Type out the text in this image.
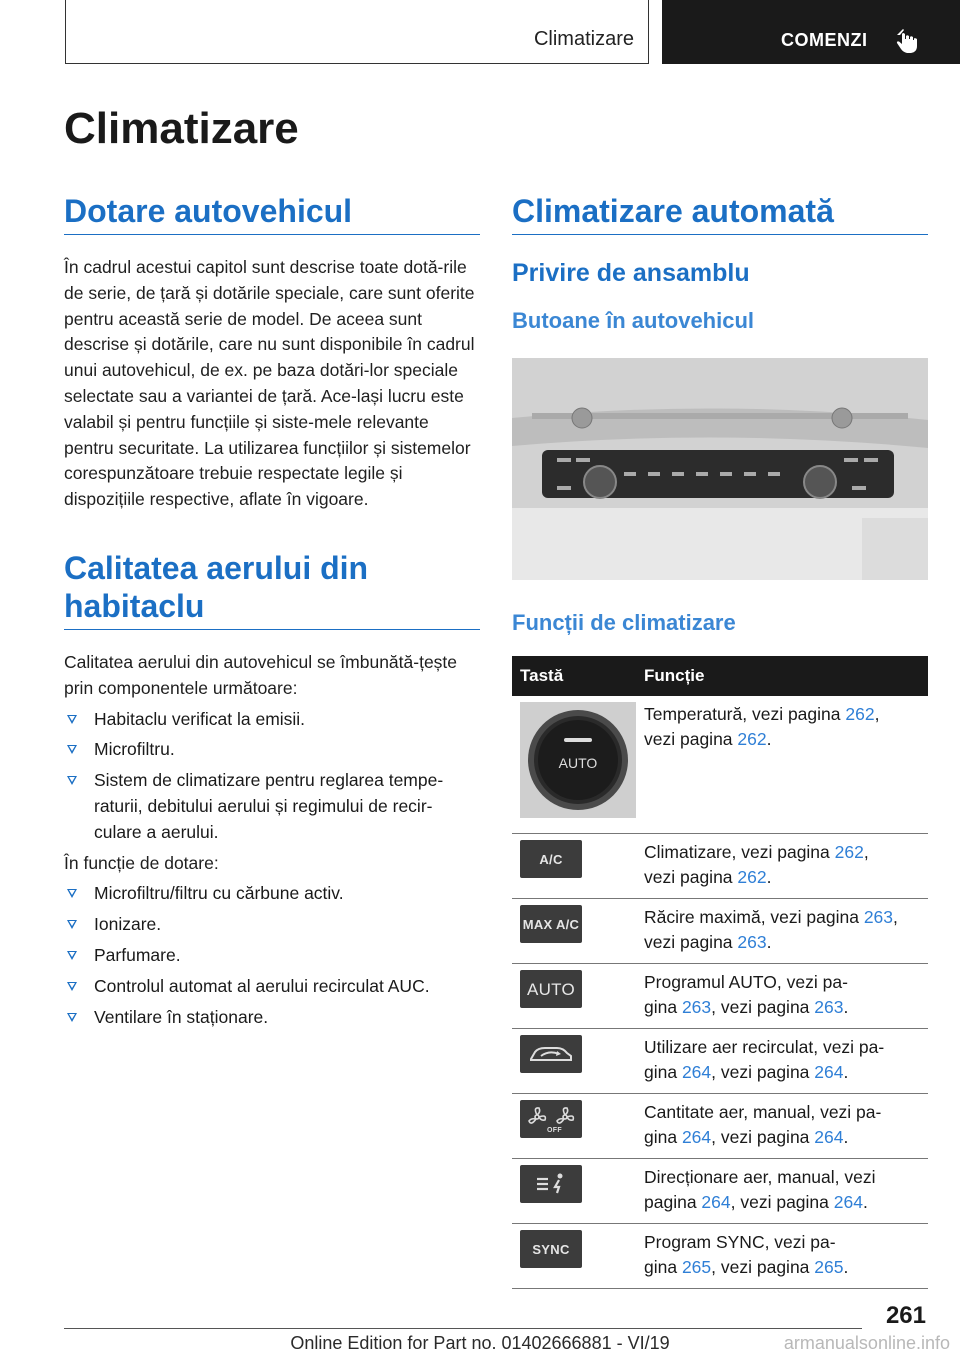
Climatizare	COMENZI
Climatizare
Dotare autovehicul

În cadrul acestui capitol sunt descrise toate dotă-rile de serie, de țară și dotările speciale, care sunt oferite pentru această serie de model. De aceea sunt descrise și dotările, care nu sunt disponibile în cadrul unui autovehicul, de ex. pe baza dotări-lor speciale selectate sau a variantei de țară. Ace-lași lucru este valabil și pentru funcțiile și siste-mele relevante pentru securitate. La utilizarea funcțiilor și sistemelor corespunzătoare trebuie respectate legile și dispozițiile respective, aflate în vigoare.

Calitatea aerului din habitaclu

Calitatea aerului din autovehicul se îmbunătă-țește prin componentele următoare:

Habitaclu verificat la emisii.
Microfiltru.
Sistem de climatizare pentru reglarea tempe-raturii, debitului aerului și regimului de recir-culare a aerului.

În funcție de dotare:

Microfiltru/filtru cu cărbune activ.
Ionizare.
Parfumare.
Controlul automat al aerului recirculat AUC.
Ventilare în staționare.
Climatizare automată
Privire de ansamblu
Butoane în autovehicul
Funcții de climatizare
Tastă	Funcție

AUTO	Temperatură, vezi pagina 262,
vezi pagina 262.

A/C	Climatizare, vezi pagina 262,
vezi pagina 262.

MAX A/C	Răcire maximă, vezi pagina 263,
vezi pagina 263.

AUTO	Programul AUTO, vezi pa-
gina 263, vezi pagina 263.

	Utilizare aer recirculat, vezi pa-
gina 264, vezi pagina 264.

OFF	Cantitate aer, manual, vezi pa-
gina 264, vezi pagina 264.

	Direcționare aer, manual, vezi
pagina 264, vezi pagina 264.

SYNC	Program SYNC, vezi pa-
gina 265, vezi pagina 265.
261
Online Edition for Part no. 01402666881 - VI/19	armanualsonline.info
